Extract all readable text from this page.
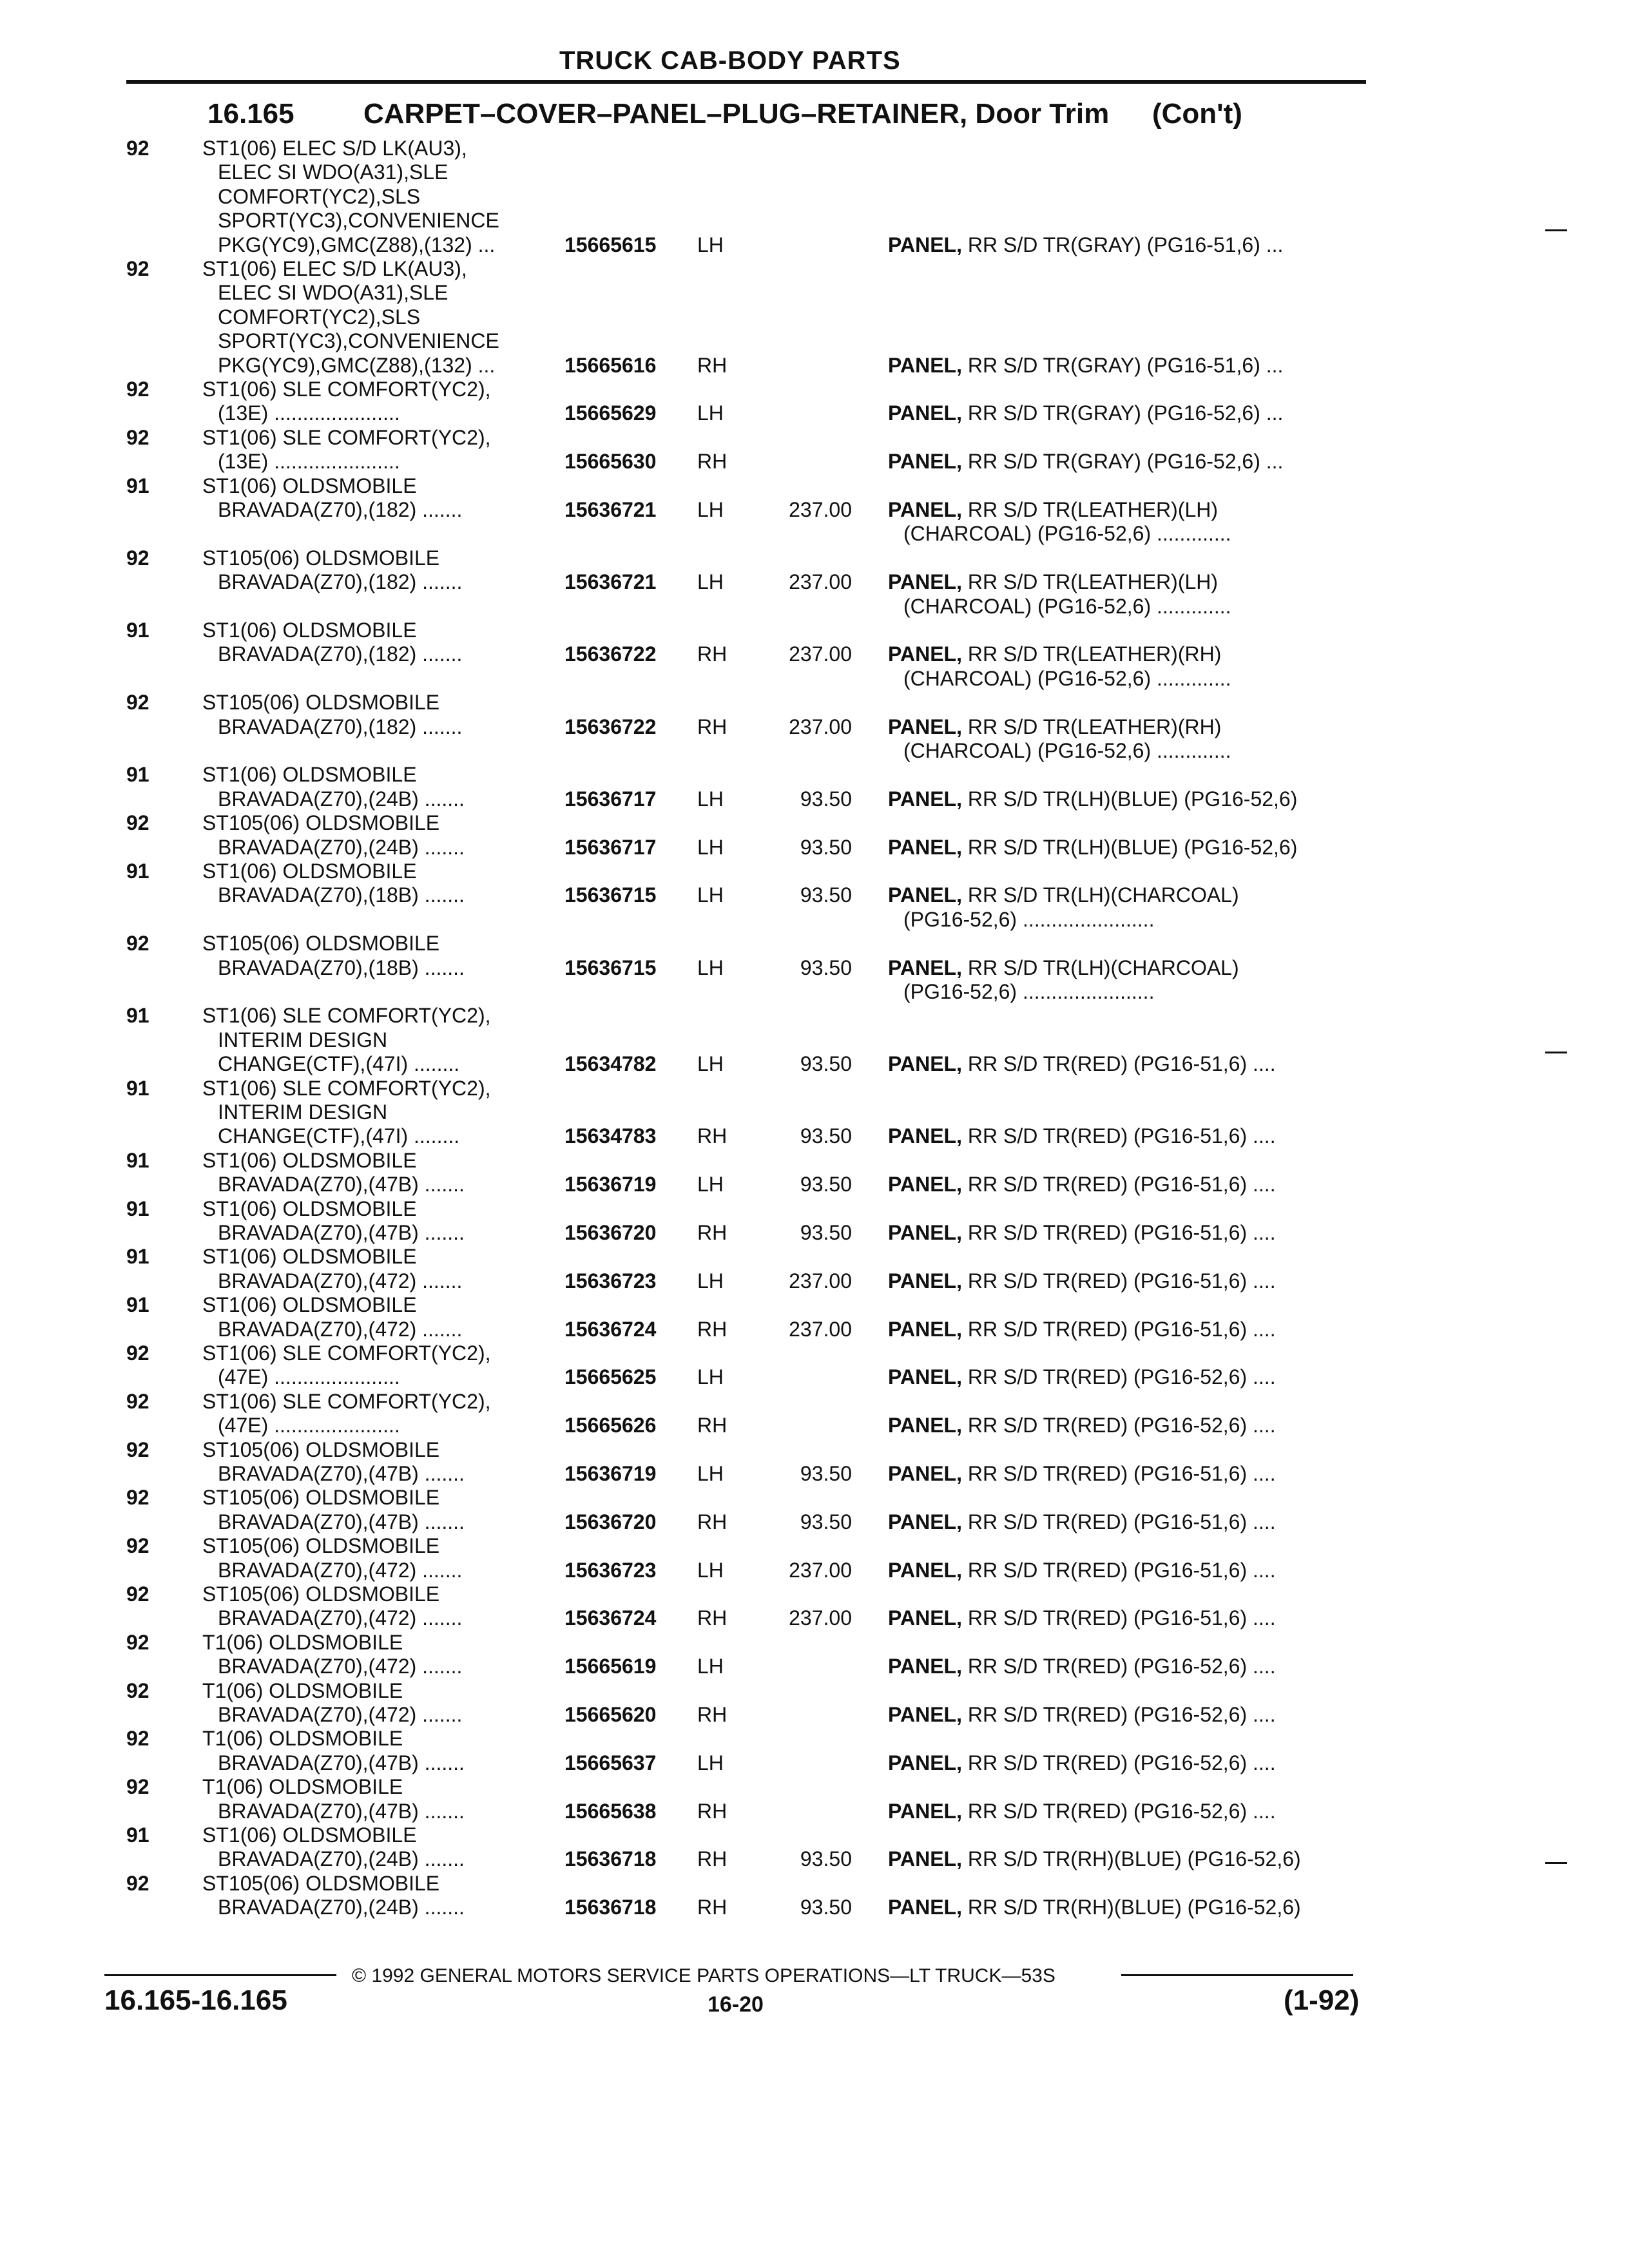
TRUCK CAB-BODY PARTS
16.165 CARPET–COVER–PANEL–PLUG–RETAINER, Door Trim (Con't)
92	ST1(06) ELEC S/D LK(AU3),
ELEC SI WDO(A31),SLE
COMFORT(YC2),SLS
SPORT(YC3),CONVENIENCE
PKG(YC9),GMC(Z88),(132) ...	15665615 LH	PANEL, RR S/D TR(GRAY) (PG16-51,6) ...
92	ST1(06) ELEC S/D LK(AU3),
ELEC SI WDO(A31),SLE
COMFORT(YC2),SLS
SPORT(YC3),CONVENIENCE
PKG(YC9),GMC(Z88),(132) ...	15665616 RH	PANEL, RR S/D TR(GRAY) (PG16-51,6) ...
92	ST1(06) SLE COMFORT(YC2),
(13E) ......................	15665629 LH	PANEL, RR S/D TR(GRAY) (PG16-52,6) ...
92	ST1(06) SLE COMFORT(YC2),
(13E) ......................	15665630 RH	PANEL, RR S/D TR(GRAY) (PG16-52,6) ...
91	ST1(06) OLDSMOBILE
BRAVADA(Z70),(182) .......	15636721 LH	237.00 PANEL, RR S/D TR(LEATHER)(LH)
(CHARCOAL) (PG16-52,6) .............
92	ST105(06) OLDSMOBILE
BRAVADA(Z70),(182) .......	15636721 LH	237.00 PANEL, RR S/D TR(LEATHER)(LH)
(CHARCOAL) (PG16-52,6) .............
91	ST1(06) OLDSMOBILE
BRAVADA(Z70),(182) .......	15636722 RH	237.00 PANEL, RR S/D TR(LEATHER)(RH)
(CHARCOAL) (PG16-52,6) .............
92	ST105(06) OLDSMOBILE
BRAVADA(Z70),(182) .......	15636722 RH	237.00 PANEL, RR S/D TR(LEATHER)(RH)
(CHARCOAL) (PG16-52,6) .............
91	ST1(06) OLDSMOBILE
BRAVADA(Z70),(24B) .......	15636717 LH	93.50 PANEL, RR S/D TR(LH)(BLUE) (PG16-52,6)
92	ST105(06) OLDSMOBILE
BRAVADA(Z70),(24B) .......	15636717 LH	93.50 PANEL, RR S/D TR(LH)(BLUE) (PG16-52,6)
91	ST1(06) OLDSMOBILE
BRAVADA(Z70),(18B) .......	15636715 LH	93.50 PANEL, RR S/D TR(LH)(CHARCOAL)
(PG16-52,6) .......................
92	ST105(06) OLDSMOBILE
BRAVADA(Z70),(18B) .......	15636715 LH	93.50 PANEL, RR S/D TR(LH)(CHARCOAL)
(PG16-52,6) .......................
91	ST1(06) SLE COMFORT(YC2),
INTERIM DESIGN
CHANGE(CTF),(47I) ........	15634782 LH	93.50 PANEL, RR S/D TR(RED) (PG16-51,6) ....
91	ST1(06) SLE COMFORT(YC2),
INTERIM DESIGN
CHANGE(CTF),(47I) ........	15634783 RH	93.50 PANEL, RR S/D TR(RED) (PG16-51,6) ....
91	ST1(06) OLDSMOBILE
BRAVADA(Z70),(47B) .......	15636719 LH	93.50 PANEL, RR S/D TR(RED) (PG16-51,6) ....
91	ST1(06) OLDSMOBILE
BRAVADA(Z70),(47B) .......	15636720 RH	93.50 PANEL, RR S/D TR(RED) (PG16-51,6) ....
91	ST1(06) OLDSMOBILE
BRAVADA(Z70),(472) .......	15636723 LH	237.00 PANEL, RR S/D TR(RED) (PG16-51,6) ....
91	ST1(06) OLDSMOBILE
BRAVADA(Z70),(472) .......	15636724 RH	237.00 PANEL, RR S/D TR(RED) (PG16-51,6) ....
92	ST1(06) SLE COMFORT(YC2),
(47E) ......................	15665625 LH	PANEL, RR S/D TR(RED) (PG16-52,6) ....
92	ST1(06) SLE COMFORT(YC2),
(47E) ......................	15665626 RH	PANEL, RR S/D TR(RED) (PG16-52,6) ....
92	ST105(06) OLDSMOBILE
BRAVADA(Z70),(47B) .......	15636719 LH	93.50 PANEL, RR S/D TR(RED) (PG16-51,6) ....
92	ST105(06) OLDSMOBILE
BRAVADA(Z70),(47B) .......	15636720 RH	93.50 PANEL, RR S/D TR(RED) (PG16-51,6) ....
92	ST105(06) OLDSMOBILE
BRAVADA(Z70),(472) .......	15636723 LH	237.00 PANEL, RR S/D TR(RED) (PG16-51,6) ....
92	ST105(06) OLDSMOBILE
BRAVADA(Z70),(472) .......	15636724 RH	237.00 PANEL, RR S/D TR(RED) (PG16-51,6) ....
92	T1(06) OLDSMOBILE
BRAVADA(Z70),(472) .......	15665619 LH	PANEL, RR S/D TR(RED) (PG16-52,6) ....
92	T1(06) OLDSMOBILE
BRAVADA(Z70),(472) .......	15665620 RH	PANEL, RR S/D TR(RED) (PG16-52,6) ....
92	T1(06) OLDSMOBILE
BRAVADA(Z70),(47B) .......	15665637 LH	PANEL, RR S/D TR(RED) (PG16-52,6) ....
92	T1(06) OLDSMOBILE
BRAVADA(Z70),(47B) .......	15665638 RH	PANEL, RR S/D TR(RED) (PG16-52,6) ....
91	ST1(06) OLDSMOBILE
BRAVADA(Z70),(24B) .......	15636718 RH	93.50 PANEL, RR S/D TR(RH)(BLUE) (PG16-52,6)
92	ST105(06) OLDSMOBILE
BRAVADA(Z70),(24B) .......	15636718 RH	93.50 PANEL, RR S/D TR(RH)(BLUE) (PG16-52,6)
© 1992 GENERAL MOTORS SERVICE PARTS OPERATIONS—LT TRUCK—53S
16.165-16.165	16-20	(1-92)
